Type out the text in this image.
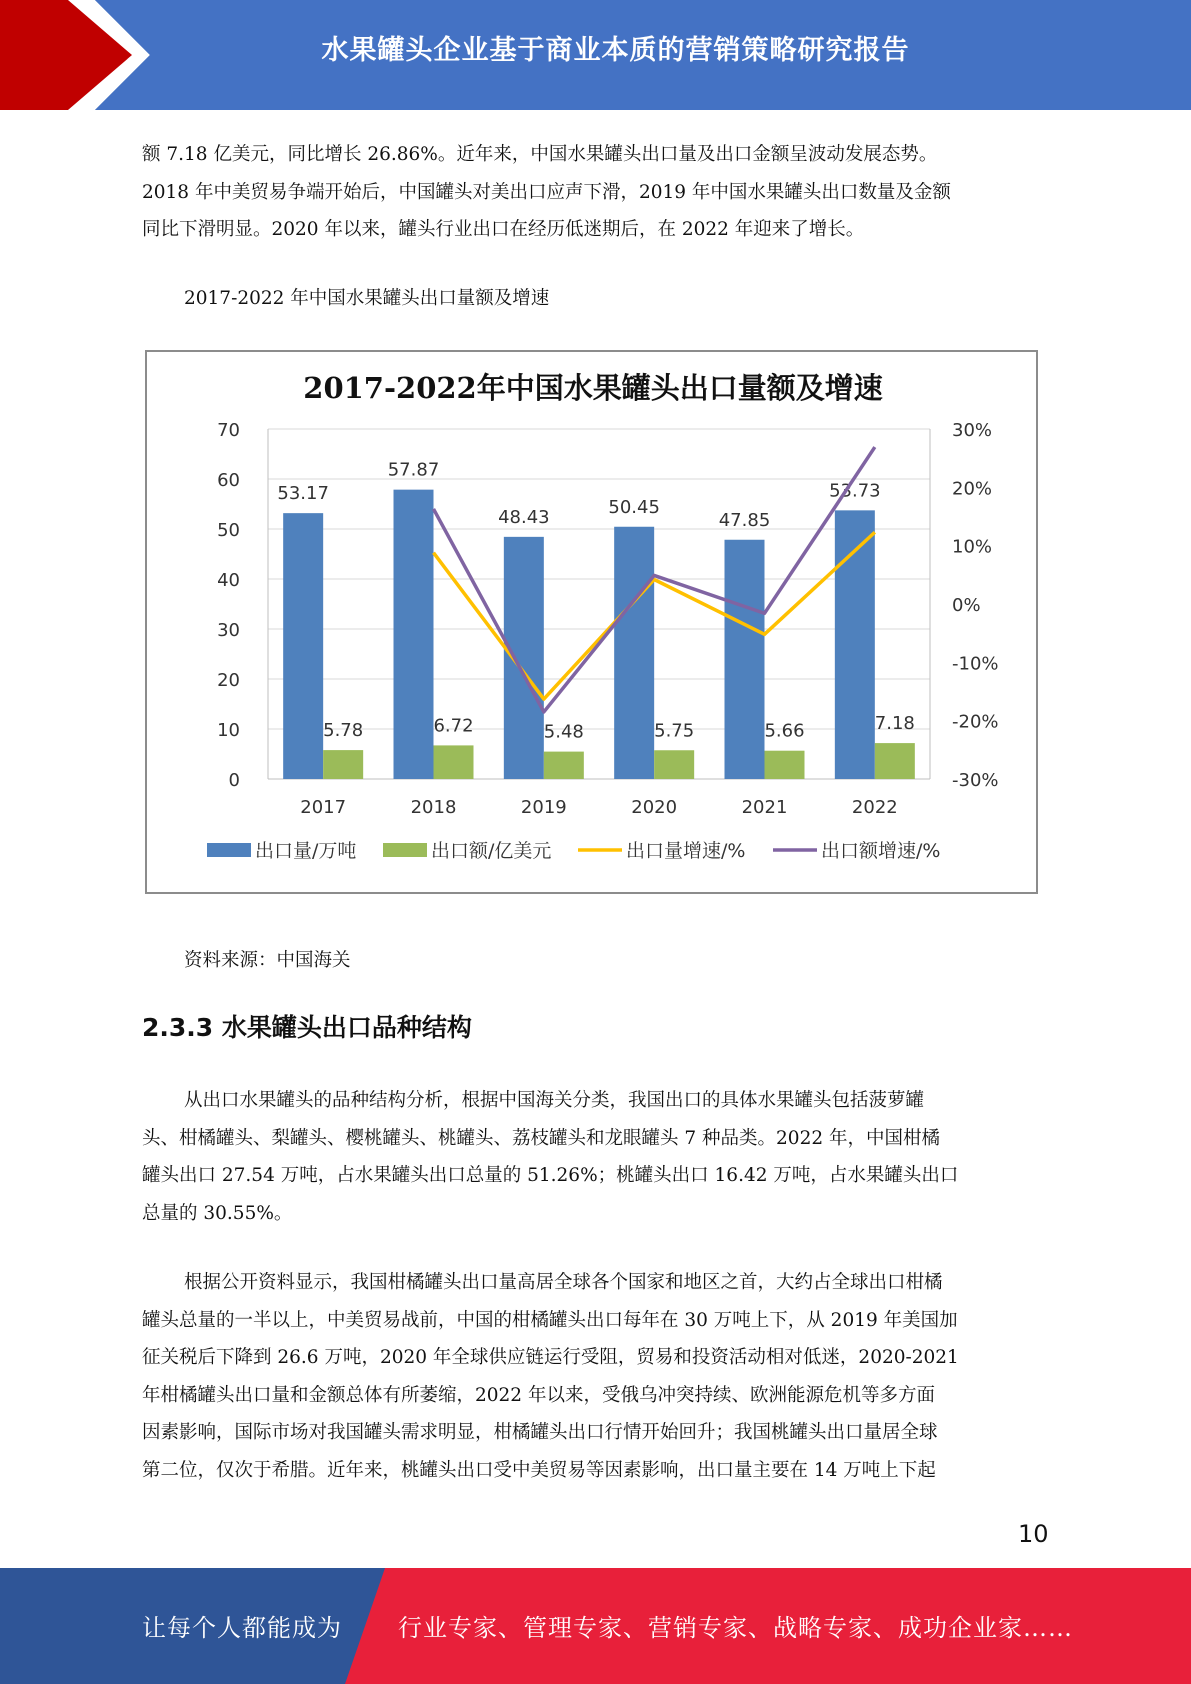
水果罐头企业基于商业本质的营销策略研究报告

额 7.18 亿美元，同比增长 26.86%。近年来，中国水果罐头出口量及出口金额呈波动发展态势。
2018 年中美贸易争端开始后，中国罐头对美出口应声下滑，2019 年中国水果罐头出口数量及金额
同比下滑明显。2020 年以来，罐头行业出口在经历低迷期后，在 2022 年迎来了增长。

2017-2022 年中国水果罐头出口量额及增速

2017-2022年中国水果罐头出口量额及增速
0
10
20
30
40
50
60
70
-30%
-20%
-10%
0%
10%
20%
30%
53.17
57.87
48.43	50.45
47.85
53.73
5.78	6.72	5.48	5.75	5.66	7.18
2017	2018	2019	2020	2021	2022
出口量/万吨	出口额/亿美元	出口量增速/%	出口额增速/%

资料来源：中国海关

2.3.3 水果罐头出口品种结构

从出口水果罐头的品种结构分析，根据中国海关分类，我国出口的具体水果罐头包括菠萝罐
头、柑橘罐头、梨罐头、樱桃罐头、桃罐头、荔枝罐头和龙眼罐头 7 种品类。2022 年，中国柑橘
罐头出口 27.54 万吨，占水果罐头出口总量的 51.26%；桃罐头出口 16.42 万吨，占水果罐头出口
总量的 30.55%。

根据公开资料显示，我国柑橘罐头出口量高居全球各个国家和地区之首，大约占全球出口柑橘
罐头总量的一半以上，中美贸易战前，中国的柑橘罐头出口每年在 30 万吨上下，从 2019 年美国加
征关税后下降到 26.6 万吨，2020 年全球供应链运行受阻，贸易和投资活动相对低迷，2020-2021
年柑橘罐头出口量和金额总体有所萎缩，2022 年以来，受俄乌冲突持续、欧洲能源危机等多方面
因素影响，国际市场对我国罐头需求明显，柑橘罐头出口行情开始回升；我国桃罐头出口量居全球
第二位，仅次于希腊。近年来，桃罐头出口受中美贸易等因素影响，出口量主要在 14 万吨上下起

10
让每个人都能成为 行业专家、管理专家、营销专家、战略专家、成功企业家……
